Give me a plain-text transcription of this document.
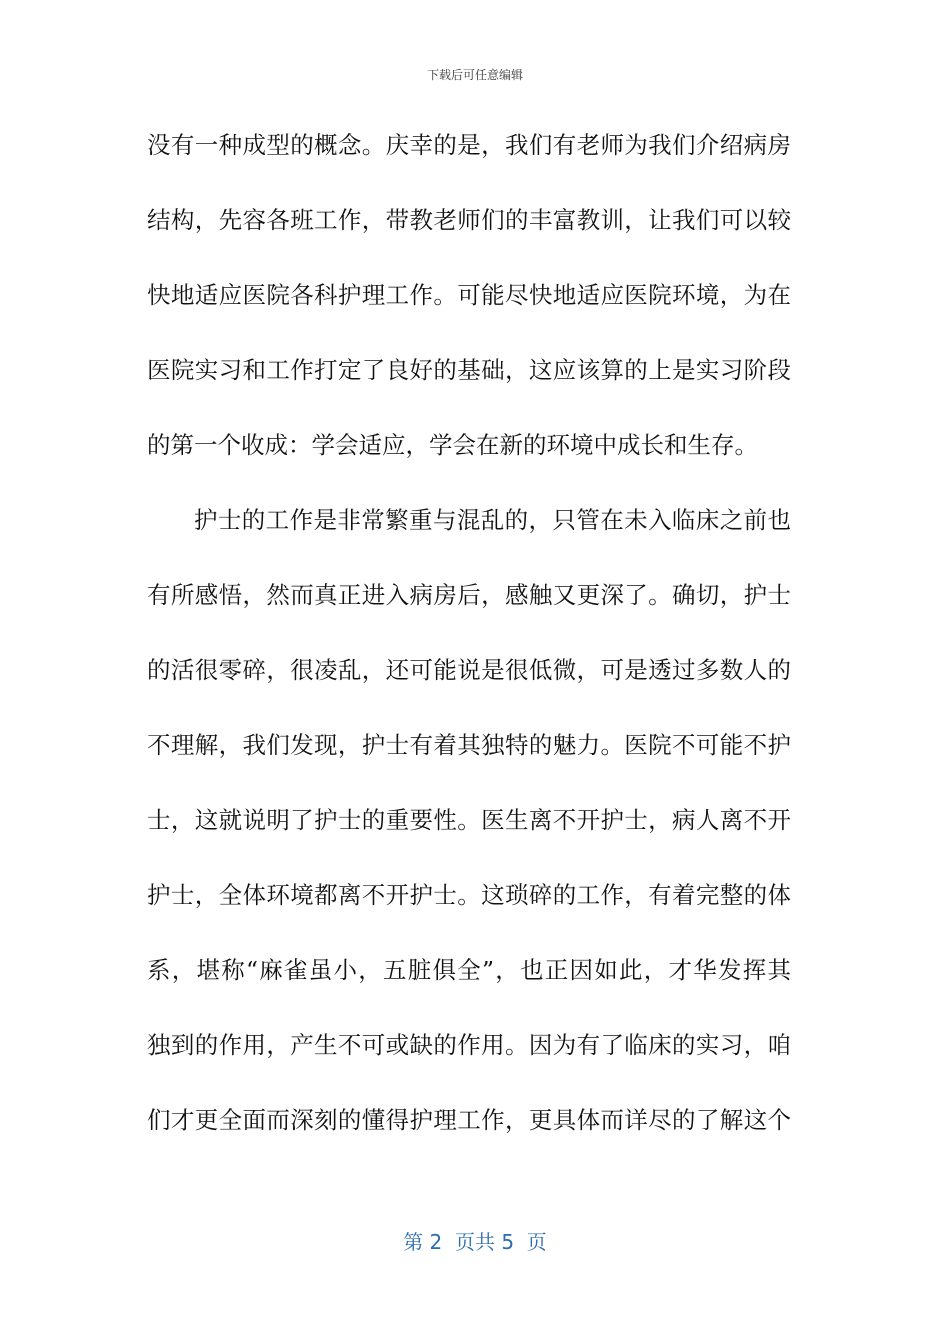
下载后可任意编辑
没有一种成型的概念。庆幸的是，我们有老师为我们介绍病房
结构，先容各班工作，带教老师们的丰富教训，让我们可以较
快地适应医院各科护理工作。可能尽快地适应医院环境，为在
医院实习和工作打定了良好的基础，这应该算的上是实习阶段
的第一个收成：学会适应，学会在新的环境中成长和生存。
护士的工作是非常繁重与混乱的，只管在未入临床之前也
有所感悟，然而真正进入病房后，感触又更深了。确切，护士
的活很零碎，很凌乱，还可能说是很低微，可是透过多数人的
不理解，我们发现，护士有着其独特的魅力。医院不可能不护
士，这就说明了护士的重要性。医生离不开护士，病人离不开
护士，全体环境都离不开护士。这琐碎的工作，有着完整的体
系，堪称“麻雀虽小，五脏俱全”，也正因如此，才华发挥其
独到的作用，产生不可或缺的作用。因为有了临床的实习，咱
们才更全面而深刻的懂得护理工作，更具体而详尽的了解这个
第 2  页共 5  页
